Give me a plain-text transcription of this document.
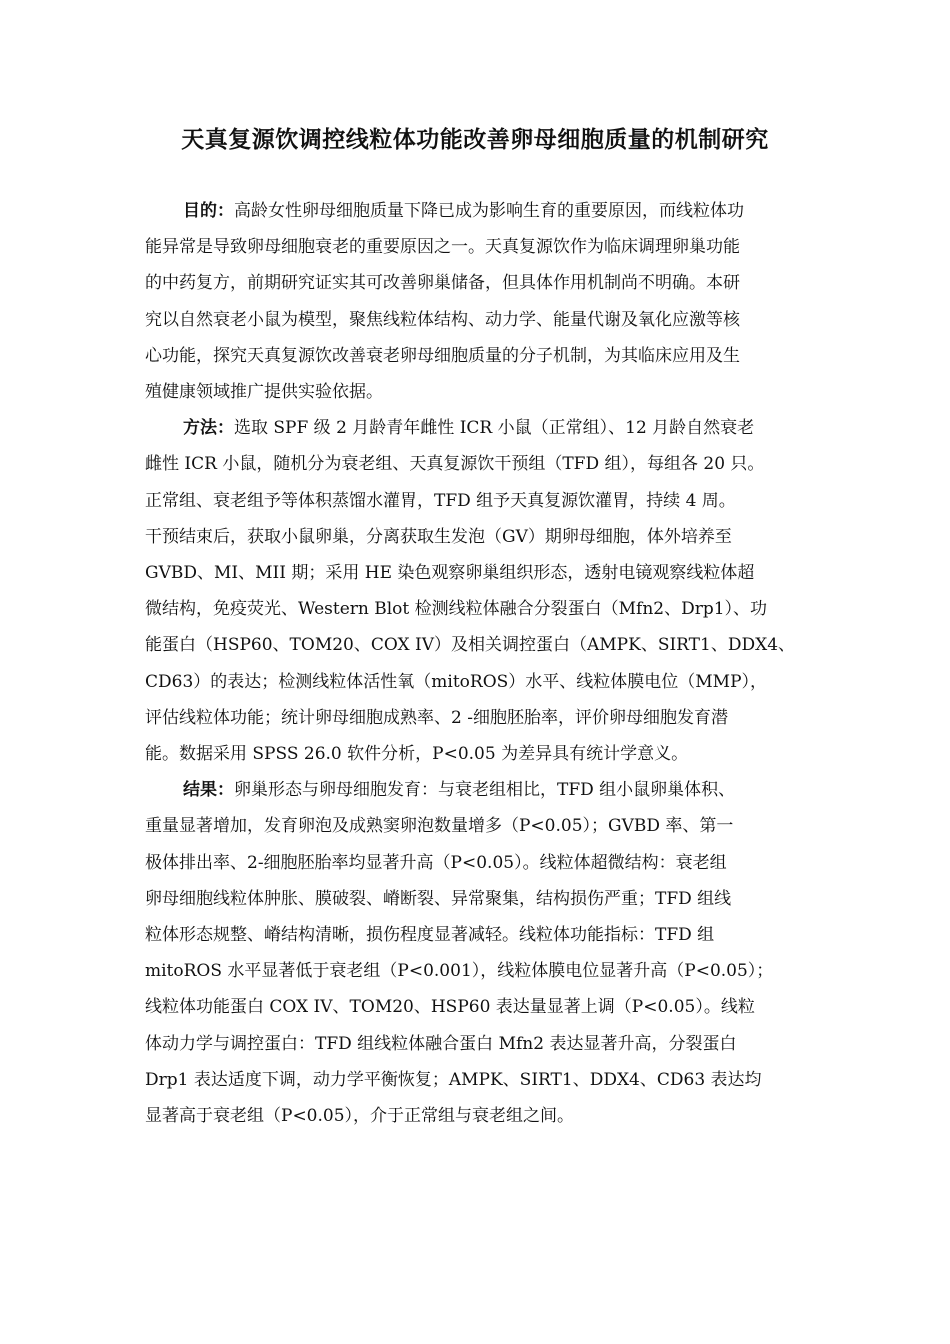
天真复源饮调控线粒体功能改善卵母细胞质量的机制研究

目的：高龄女性卵母细胞质量下降已成为影响生育的重要原因，而线粒体功
能异常是导致卵母细胞衰老的重要原因之一。天真复源饮作为临床调理卵巢功能
的中药复方，前期研究证实其可改善卵巢储备，但具体作用机制尚不明确。本研
究以自然衰老小鼠为模型，聚焦线粒体结构、动力学、能量代谢及氧化应激等核
心功能，探究天真复源饮改善衰老卵母细胞质量的分子机制，为其临床应用及生
殖健康领域推广提供实验依据。

方法：选取 SPF 级 2 月龄青年雌性 ICR 小鼠（正常组）、12 月龄自然衰老
雌性 ICR 小鼠，随机分为衰老组、天真复源饮干预组（TFD 组），每组各 20 只。
正常组、衰老组予等体积蒸馏水灌胃，TFD 组予天真复源饮灌胃，持续 4 周。
干预结束后，获取小鼠卵巢，分离获取生发泡（GV）期卵母细胞，体外培养至
GVBD、MI、MII 期；采用 HE 染色观察卵巢组织形态，透射电镜观察线粒体超
微结构，免疫荧光、Western Blot 检测线粒体融合分裂蛋白（Mfn2、Drp1）、功
能蛋白（HSP60、TOM20、COX IV）及相关调控蛋白（AMPK、SIRT1、DDX4、
CD63）的表达；检测线粒体活性氧（mitoROS）水平、线粒体膜电位（MMP），
评估线粒体功能；统计卵母细胞成熟率、2 -细胞胚胎率，评价卵母细胞发育潜
能。数据采用 SPSS 26.0 软件分析，P<0.05 为差异具有统计学意义。

结果：卵巢形态与卵母细胞发育：与衰老组相比，TFD 组小鼠卵巢体积、
重量显著增加，发育卵泡及成熟窦卵泡数量增多（P<0.05）；GVBD 率、第一
极体排出率、2-细胞胚胎率均显著升高（P<0.05）。线粒体超微结构：衰老组
卵母细胞线粒体肿胀、膜破裂、嵴断裂、异常聚集，结构损伤严重；TFD 组线
粒体形态规整、嵴结构清晰，损伤程度显著减轻。线粒体功能指标：TFD 组
mitoROS 水平显著低于衰老组（P<0.001），线粒体膜电位显著升高（P<0.05）；
线粒体功能蛋白 COX IV、TOM20、HSP60 表达量显著上调（P<0.05）。线粒
体动力学与调控蛋白：TFD 组线粒体融合蛋白 Mfn2 表达显著升高，分裂蛋白
Drp1 表达适度下调，动力学平衡恢复；AMPK、SIRT1、DDX4、CD63 表达均
显著高于衰老组（P<0.05），介于正常组与衰老组之间。
